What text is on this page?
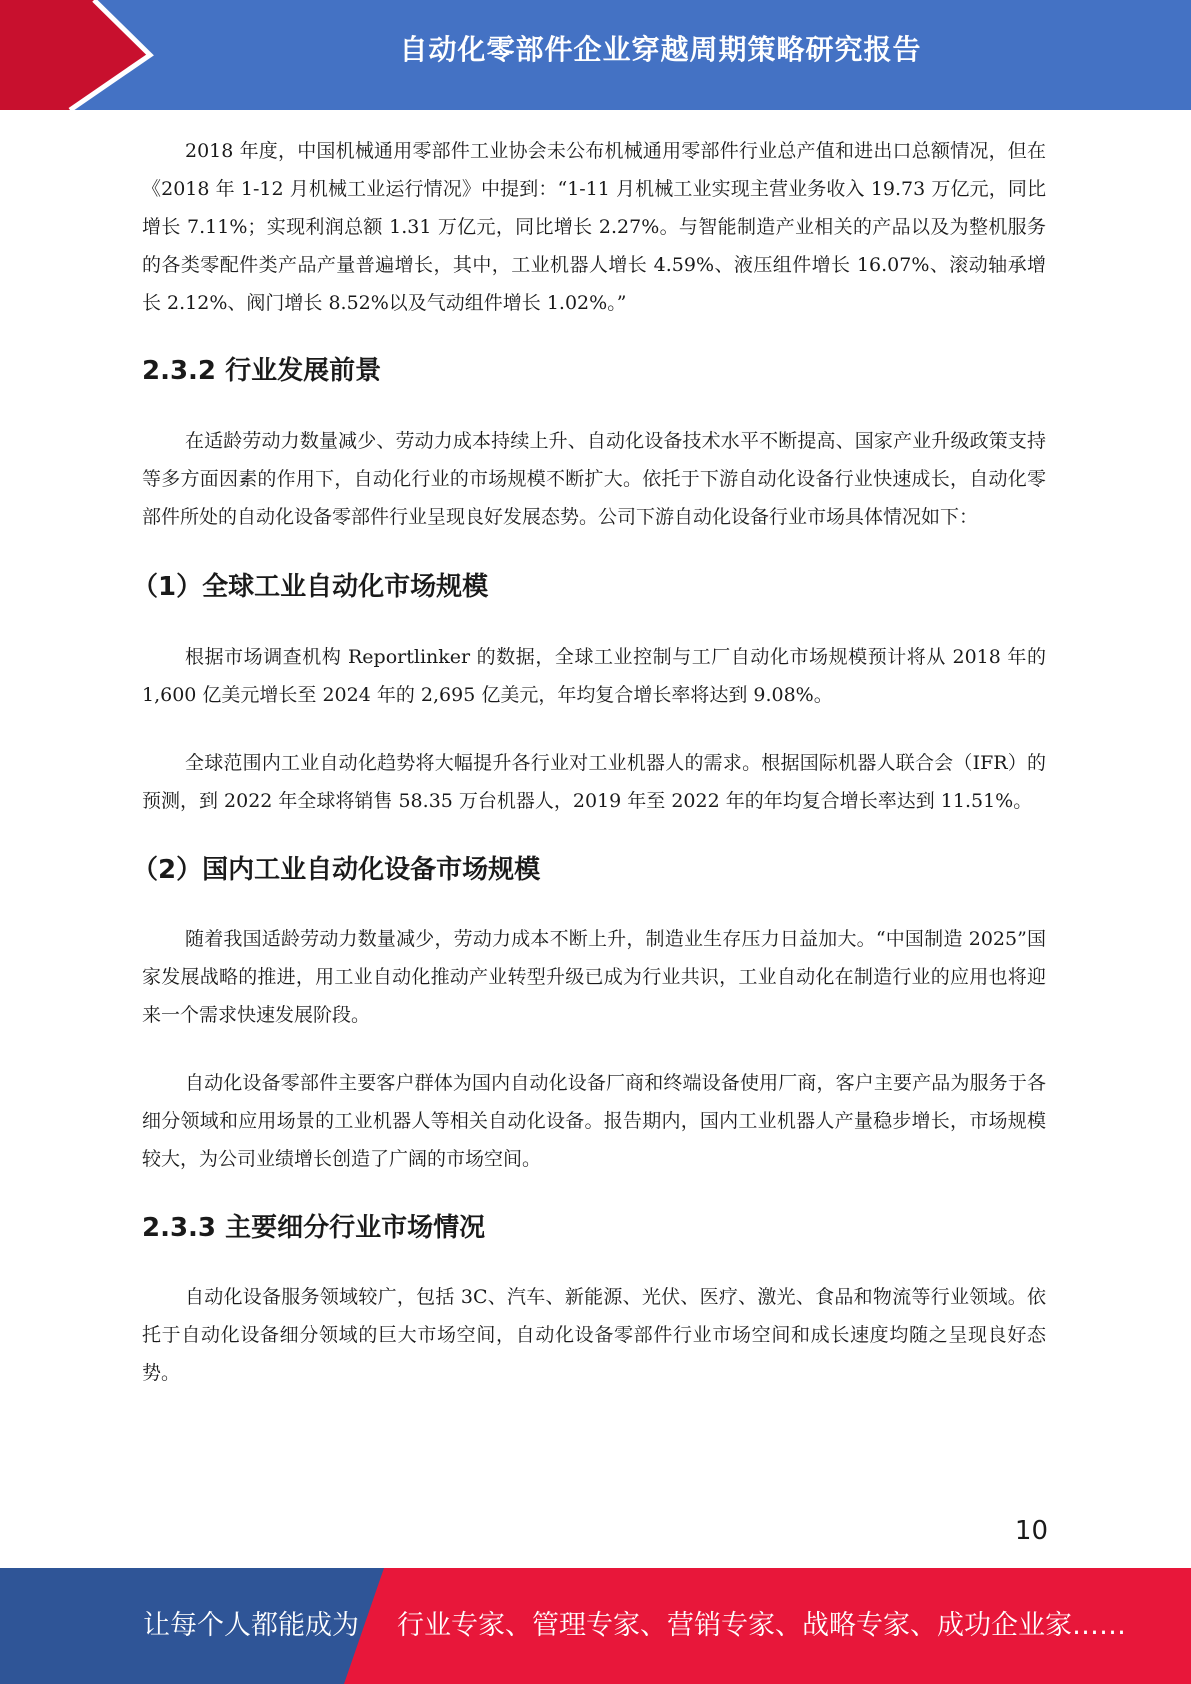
自动化零部件企业穿越周期策略研究报告

2018 年度，中国机械通用零部件工业协会未公布机械通用零部件行业总产值和进出口总额情况，但在《2018 年 1-12 月机械工业运行情况》中提到：“1-11 月机械工业实现主营业务收入 19.73 万亿元，同比增长 7.11%；实现利润总额 1.31 万亿元，同比增长 2.27%。与智能制造产业相关的产品以及为整机服务的各类零配件类产品产量普遍增长，其中，工业机器人增长 4.59%、液压组件增长 16.07%、滚动轴承增长 2.12%、阀门增长 8.52%以及气动组件增长 1.02%。”

2.3.2 行业发展前景

在适龄劳动力数量减少、劳动力成本持续上升、自动化设备技术水平不断提高、国家产业升级政策支持等多方面因素的作用下，自动化行业的市场规模不断扩大。依托于下游自动化设备行业快速成长，自动化零部件所处的自动化设备零部件行业呈现良好发展态势。公司下游自动化设备行业市场具体情况如下：

（1）全球工业自动化市场规模

根据市场调查机构 Reportlinker 的数据，全球工业控制与工厂自动化市场规模预计将从 2018 年的 1,600 亿美元增长至 2024 年的 2,695 亿美元，年均复合增长率将达到 9.08%。

全球范围内工业自动化趋势将大幅提升各行业对工业机器人的需求。根据国际机器人联合会（IFR）的预测，到 2022 年全球将销售 58.35 万台机器人，2019 年至 2022 年的年均复合增长率达到 11.51%。

（2）国内工业自动化设备市场规模

随着我国适龄劳动力数量减少，劳动力成本不断上升，制造业生存压力日益加大。“中国制造 2025”国家发展战略的推进，用工业自动化推动产业转型升级已成为行业共识，工业自动化在制造行业的应用也将迎来一个需求快速发展阶段。

自动化设备零部件主要客户群体为国内自动化设备厂商和终端设备使用厂商，客户主要产品为服务于各细分领域和应用场景的工业机器人等相关自动化设备。报告期内，国内工业机器人产量稳步增长，市场规模较大，为公司业绩增长创造了广阔的市场空间。

2.3.3 主要细分行业市场情况

自动化设备服务领域较广，包括 3C、汽车、新能源、光伏、医疗、激光、食品和物流等行业领域。依托于自动化设备细分领域的巨大市场空间，自动化设备零部件行业市场空间和成长速度均随之呈现良好态势。

10
让每个人都能成为 行业专家、管理专家、营销专家、战略专家、成功企业家……
